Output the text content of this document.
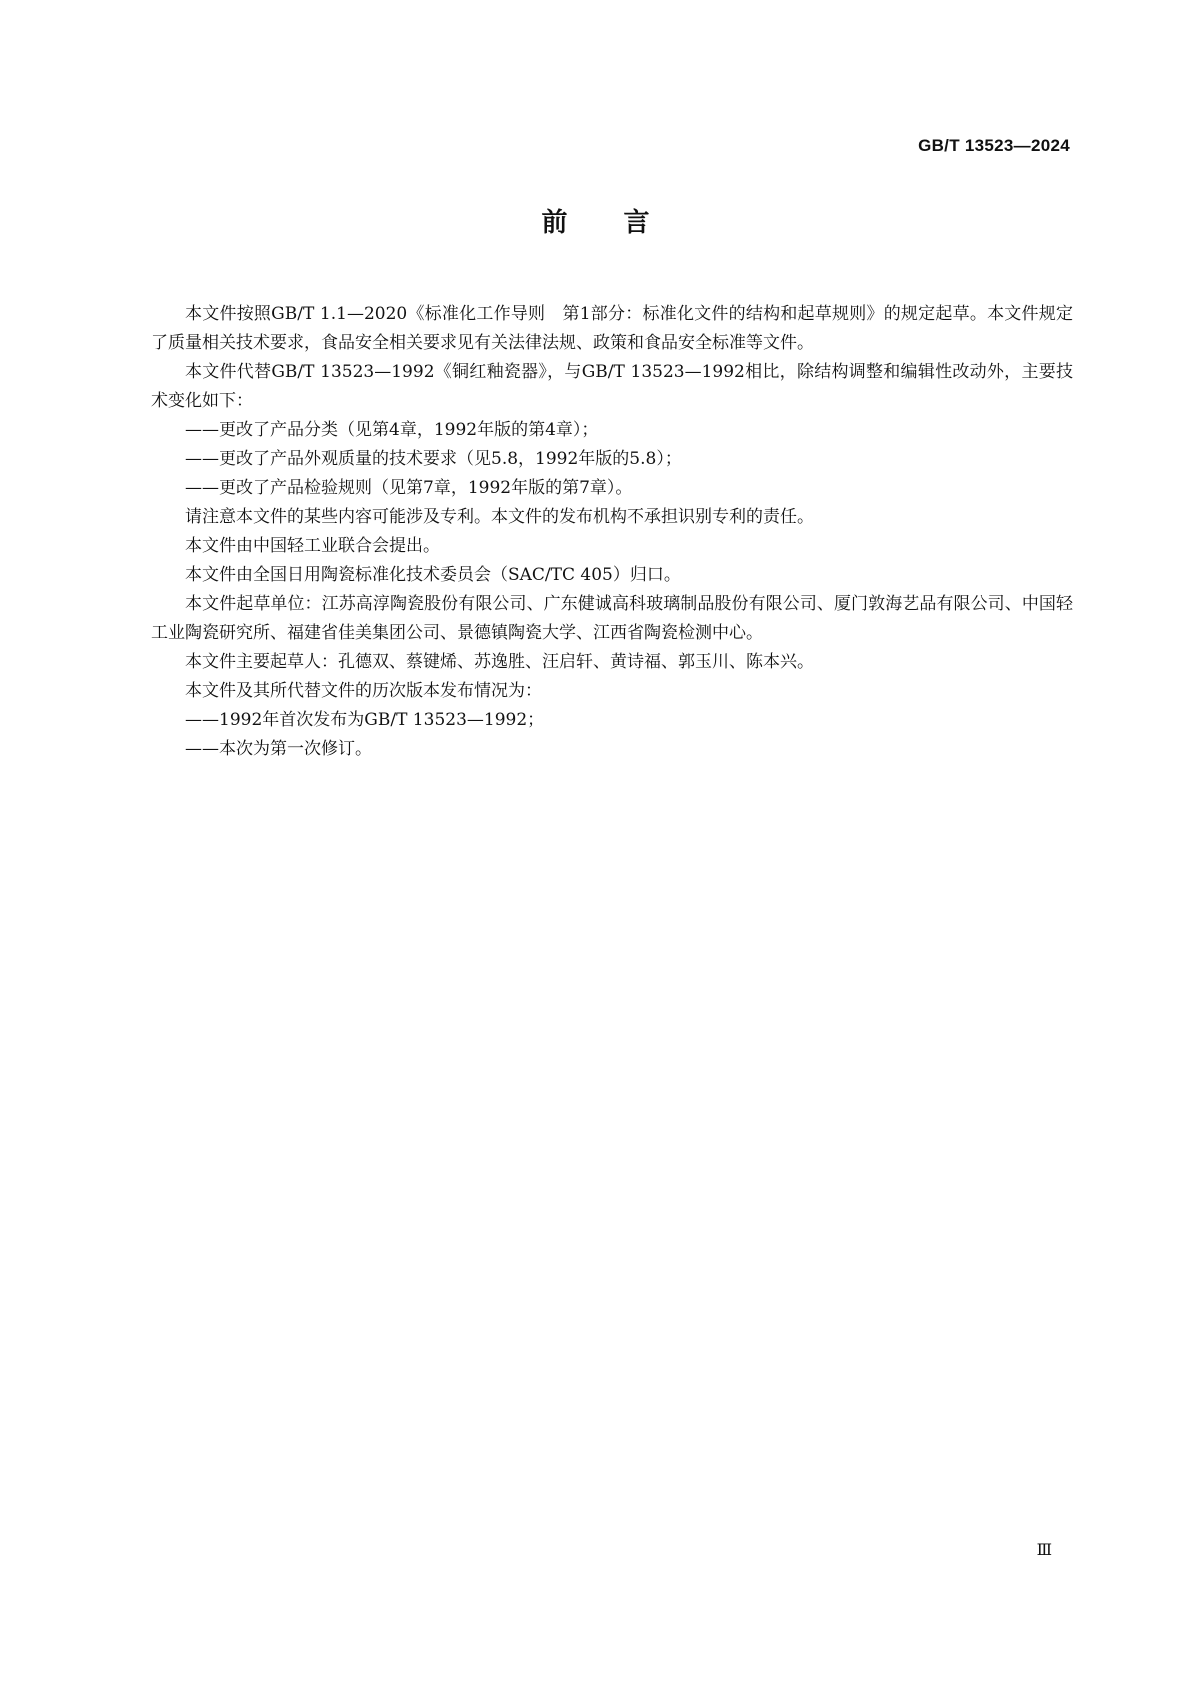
GB/T 13523—2024
前 言

本文件按照GB/T 1.1—2020《标准化工作导则　第1部分：标准化文件的结构和起草规则》的规定起草。本文件规定了质量相关技术要求，食品安全相关要求见有关法律法规、政策和食品安全标准等文件。

本文件代替GB/T 13523—1992《铜红釉瓷器》，与GB/T 13523—1992相比，除结构调整和编辑性改动外，主要技术变化如下：

——更改了产品分类（见第4章，1992年版的第4章）；

——更改了产品外观质量的技术要求（见5.8，1992年版的5.8）；

——更改了产品检验规则（见第7章，1992年版的第7章）。

请注意本文件的某些内容可能涉及专利。本文件的发布机构不承担识别专利的责任。

本文件由中国轻工业联合会提出。

本文件由全国日用陶瓷标准化技术委员会（SAC/TC 405）归口。

本文件起草单位：江苏高淳陶瓷股份有限公司、广东健诚高科玻璃制品股份有限公司、厦门敦海艺品有限公司、中国轻工业陶瓷研究所、福建省佳美集团公司、景德镇陶瓷大学、江西省陶瓷检测中心。

本文件主要起草人：孔德双、蔡键烯、苏逸胜、汪启轩、黄诗福、郭玉川、陈本兴。

本文件及其所代替文件的历次版本发布情况为：

——1992年首次发布为GB/T 13523—1992；

——本次为第一次修订。

Ⅲ
